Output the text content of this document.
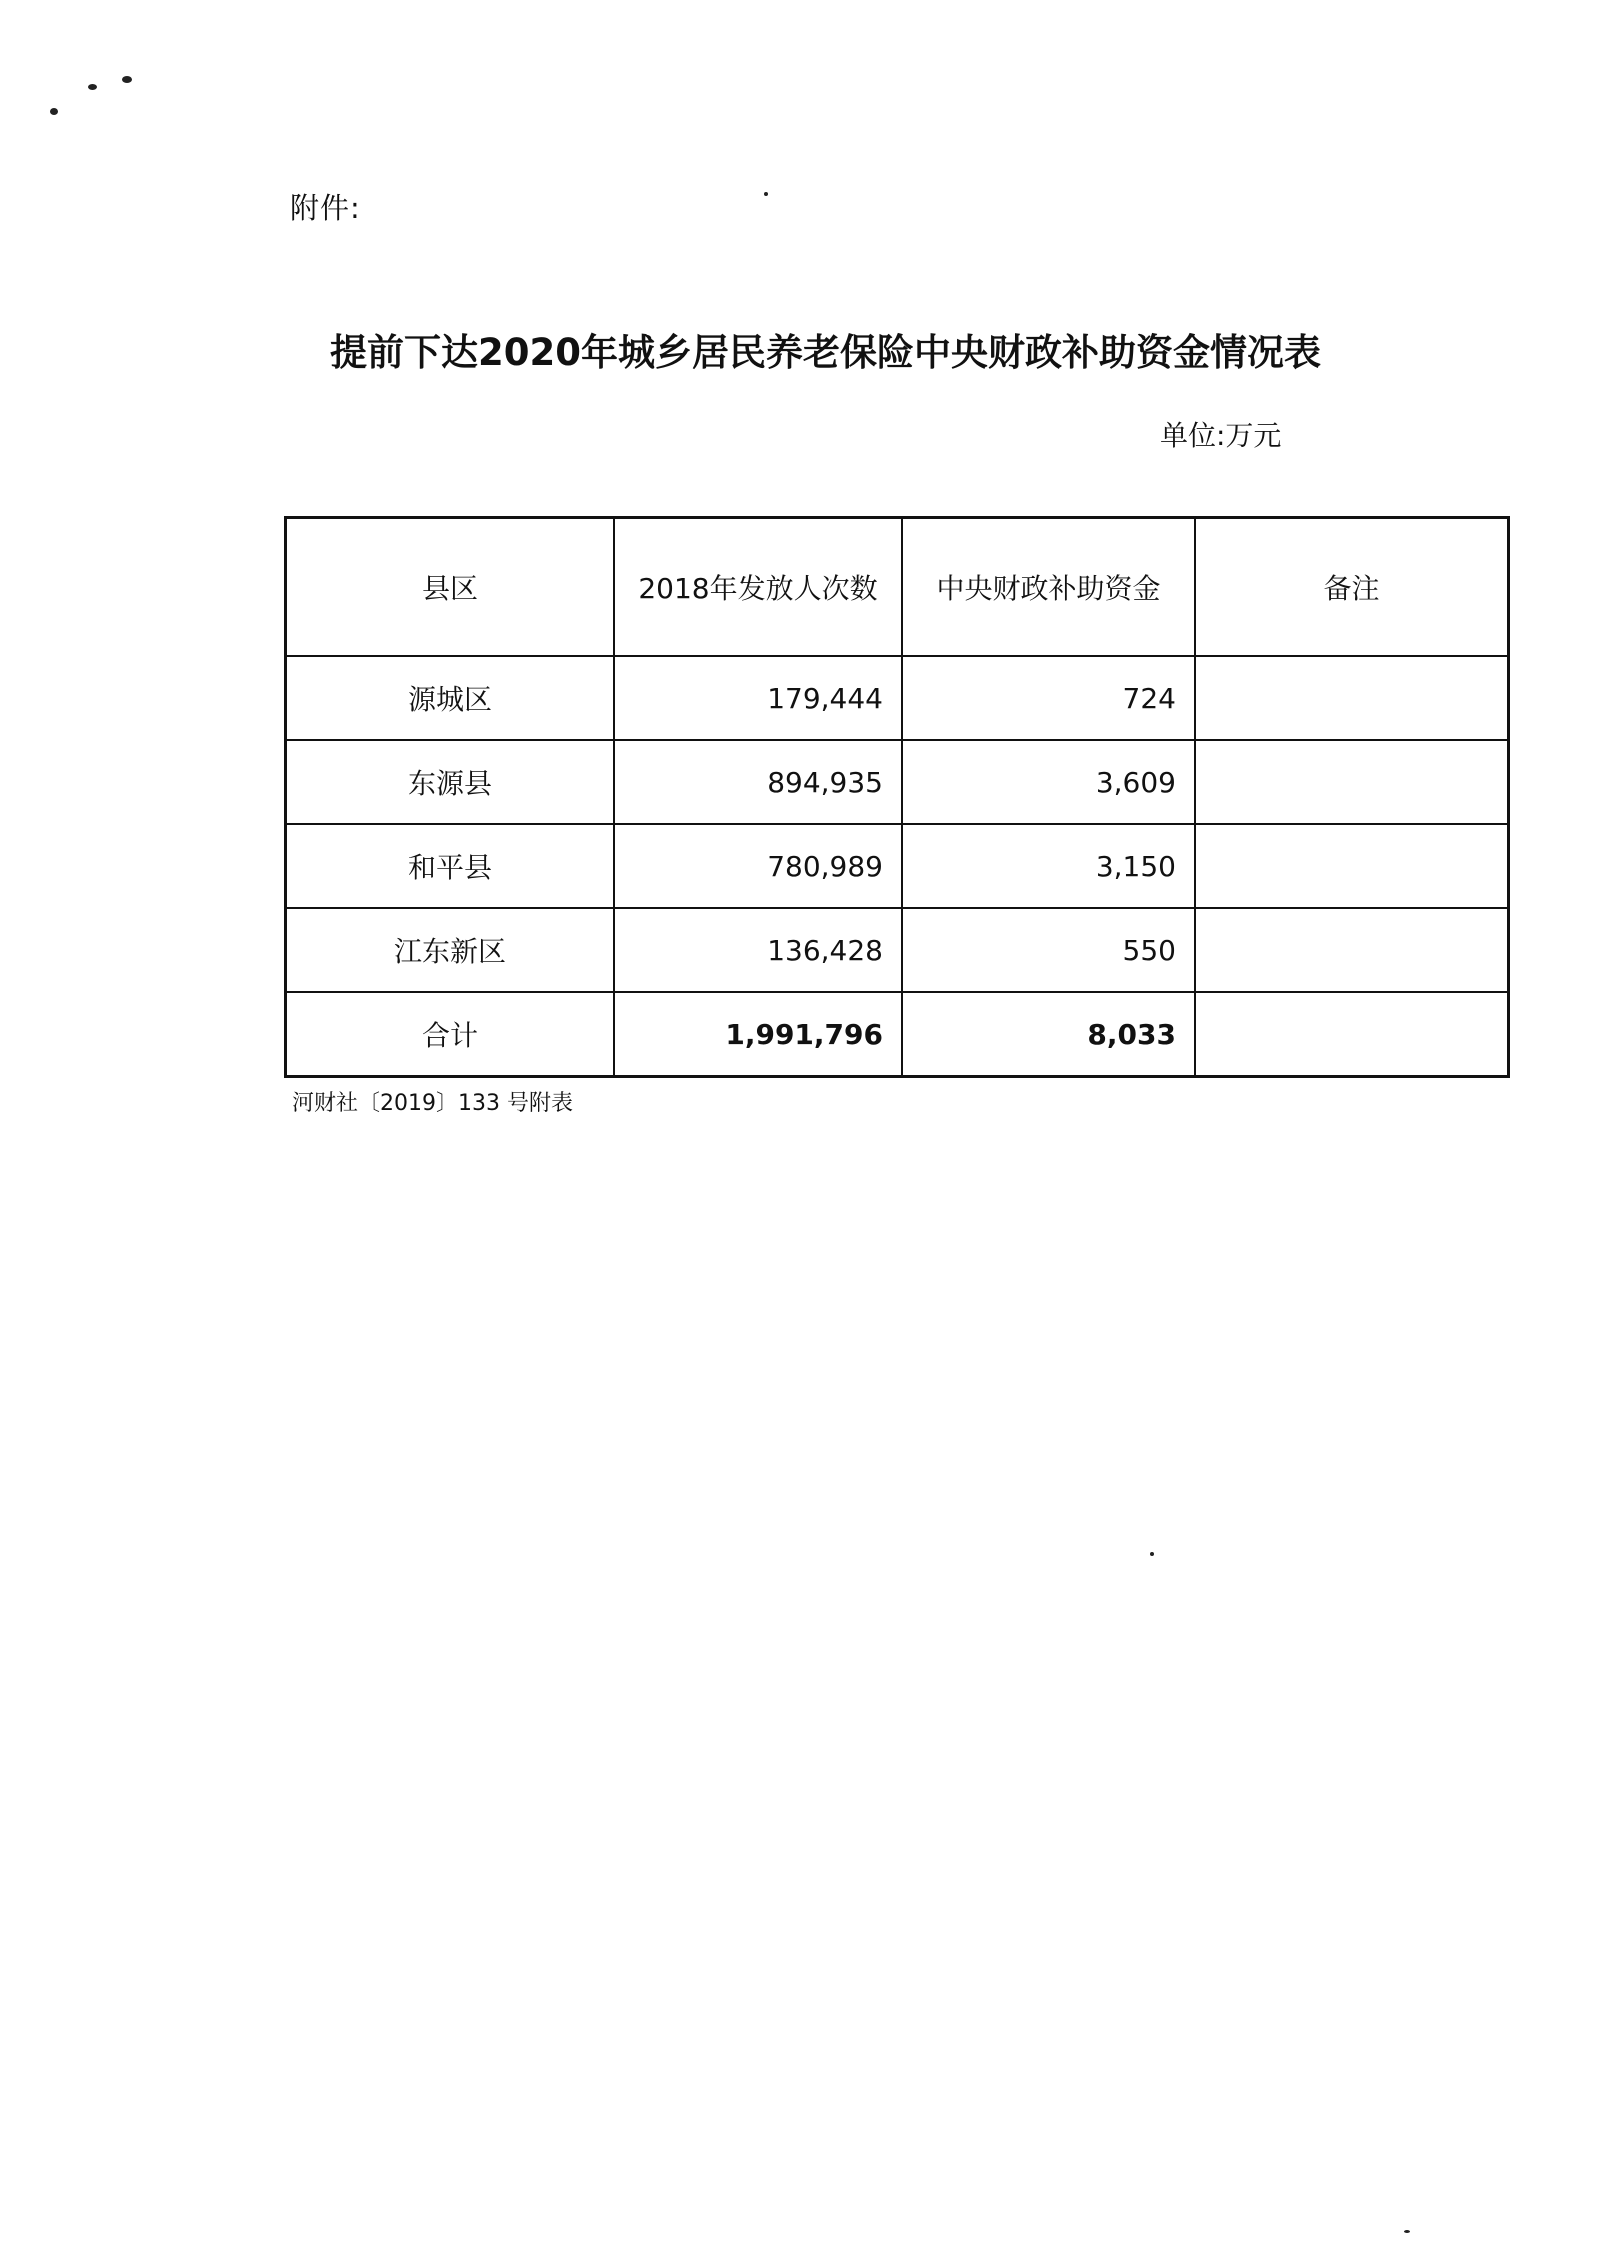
附件:
提前下达2020年城乡居民养老保险中央财政补助资金情况表
单位:万元
县区	2018年发放人次数	中央财政补助资金	备注
源城区	179,444	724	
东源县	894,935	3,609	
和平县	780,989	3,150	
江东新区	136,428	550	
合计	1,991,796	8,033	
河财社〔2019〕133 号附表
